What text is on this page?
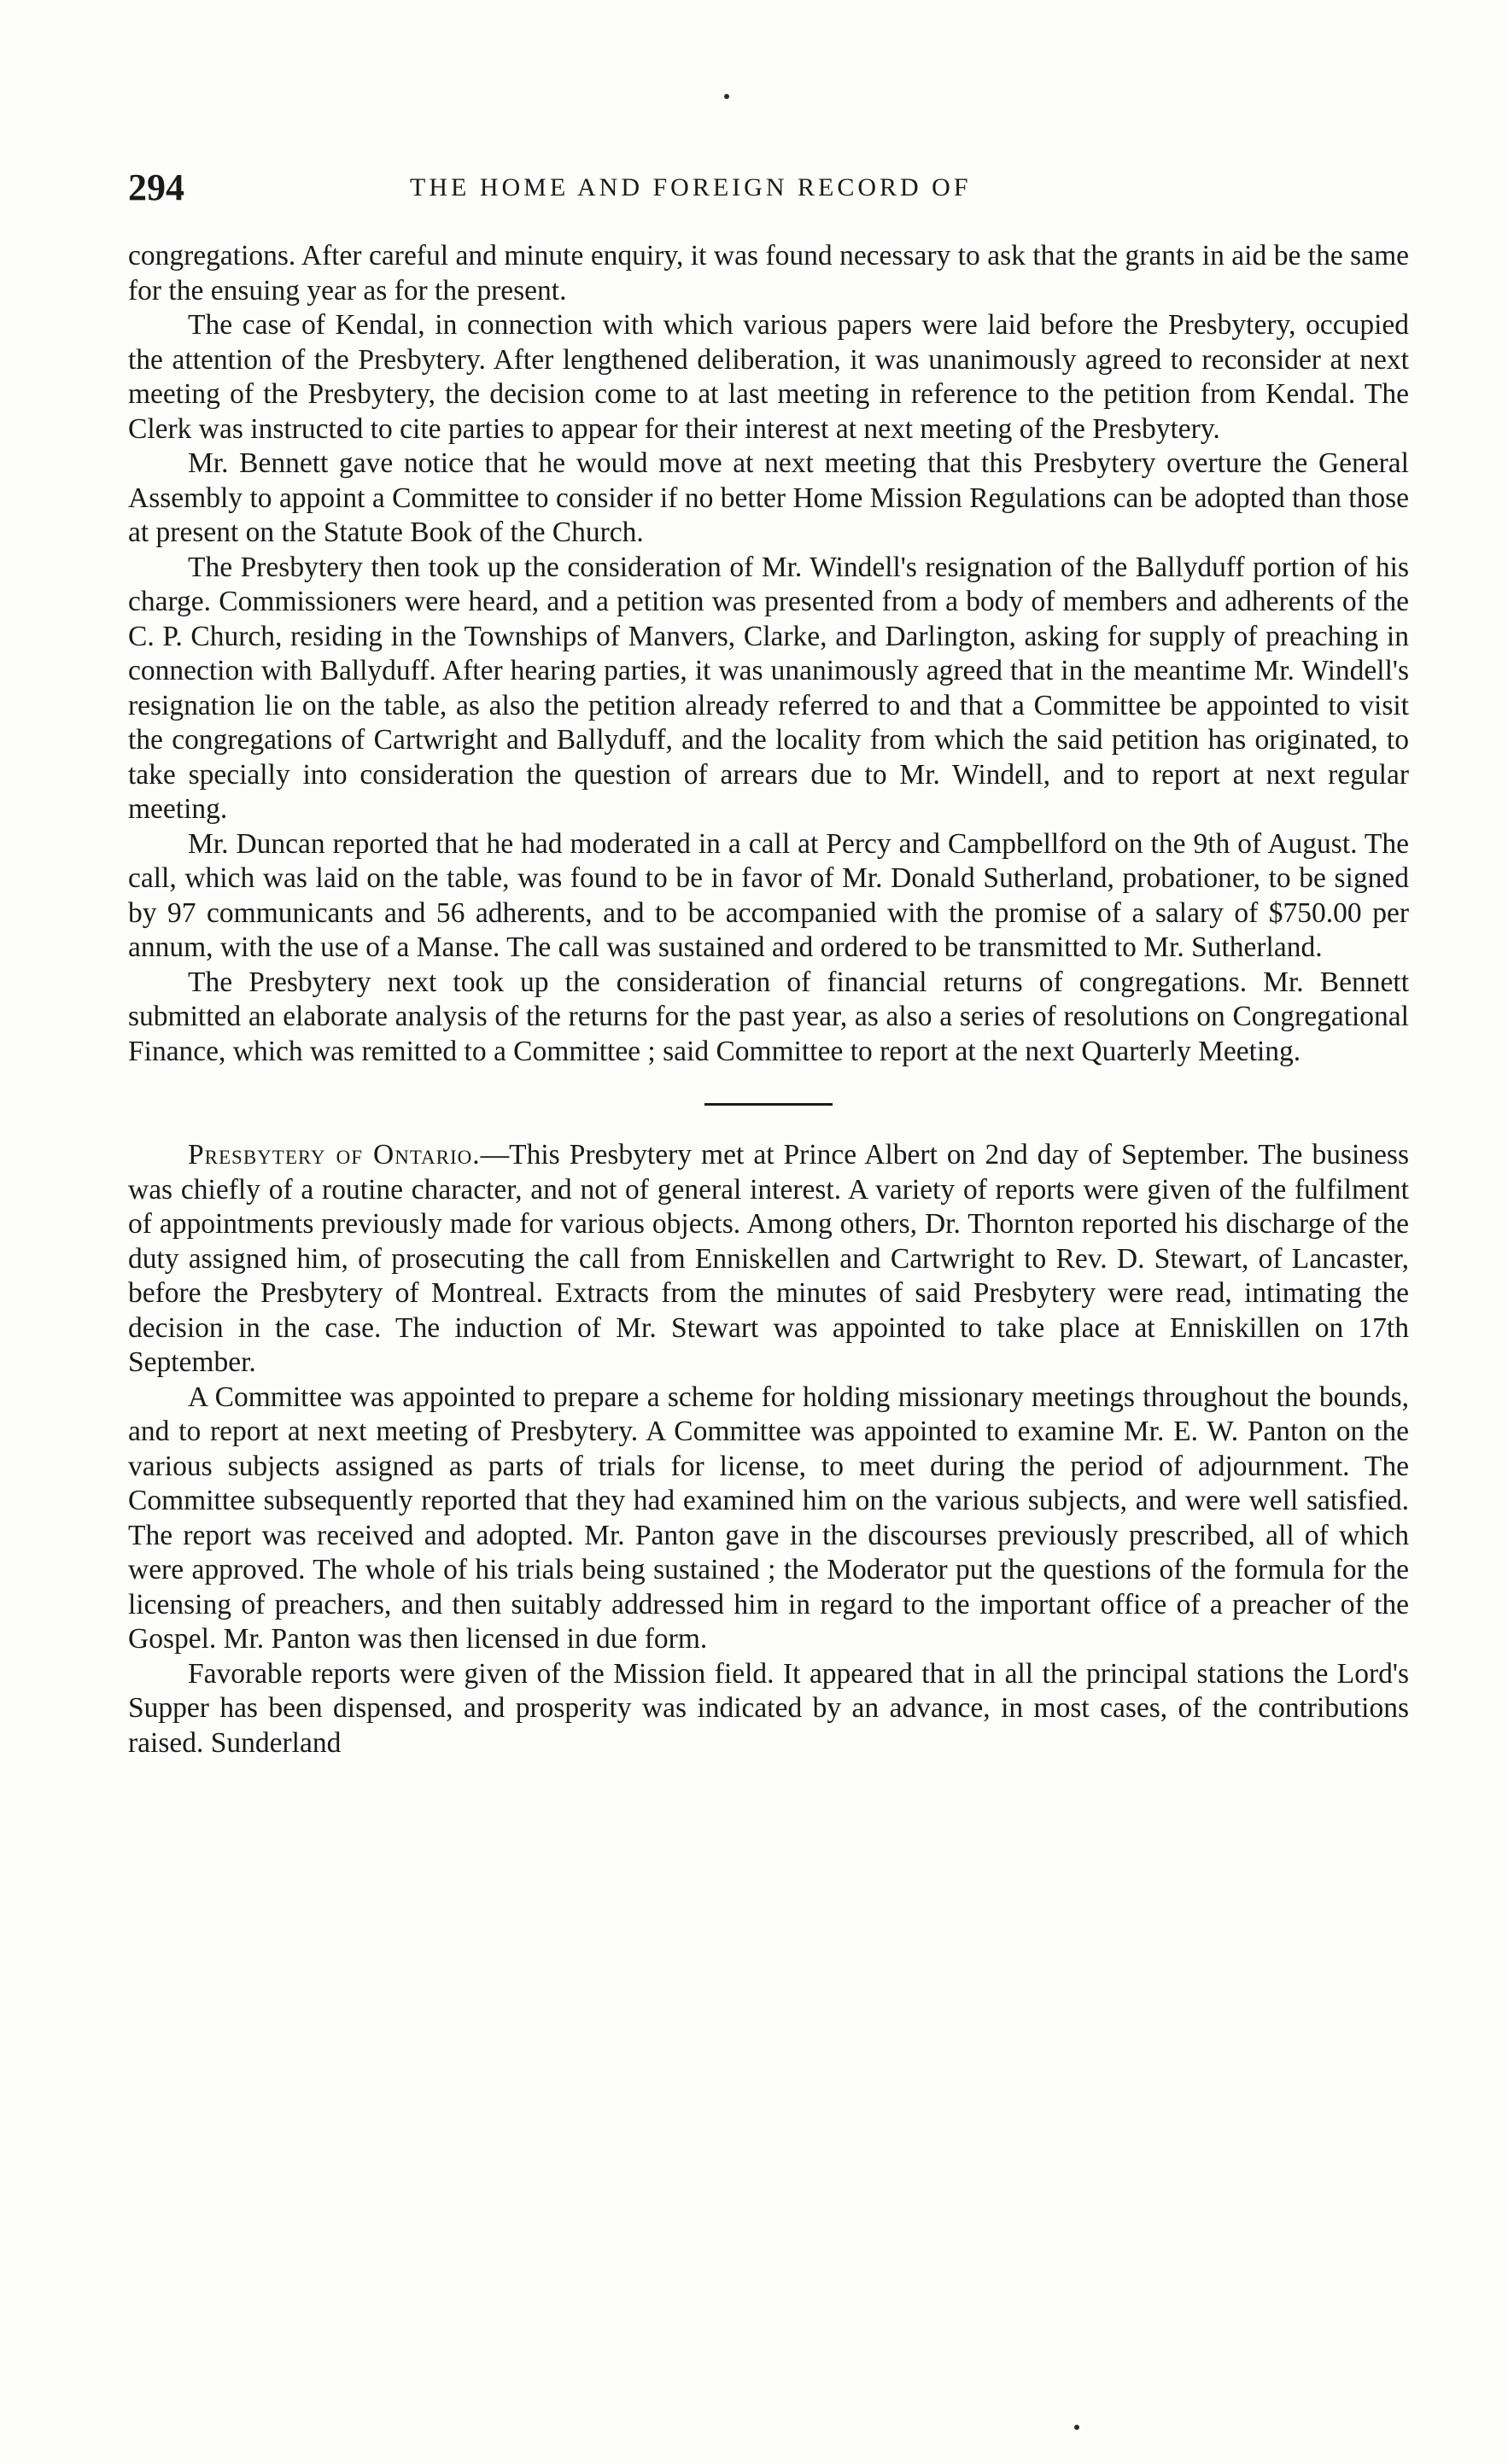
294	THE HOME AND FOREIGN RECORD OF

congregations. After careful and minute enquiry, it was found necessary to ask that the grants in aid be the same for the ensuing year as for the present.

The case of Kendal, in connection with which various papers were laid before the Presbytery, occupied the attention of the Presbytery. After lengthened deliberation, it was unanimously agreed to reconsider at next meeting of the Presbytery, the decision come to at last meeting in reference to the petition from Kendal. The Clerk was instructed to cite parties to appear for their interest at next meeting of the Presbytery.

Mr. Bennett gave notice that he would move at next meeting that this Presbytery overture the General Assembly to appoint a Committee to consider if no better Home Mission Regulations can be adopted than those at present on the Statute Book of the Church.

The Presbytery then took up the consideration of Mr. Windell's resignation of the Ballyduff portion of his charge. Commissioners were heard, and a petition was presented from a body of members and adherents of the C. P. Church, residing in the Townships of Manvers, Clarke, and Darlington, asking for supply of preaching in connection with Ballyduff. After hearing parties, it was unanimously agreed that in the meantime Mr. Windell's resignation lie on the table, as also the petition already referred to and that a Committee be appointed to visit the congregations of Cartwright and Ballyduff, and the locality from which the said petition has originated, to take specially into consideration the question of arrears due to Mr. Windell, and to report at next regular meeting.

Mr. Duncan reported that he had moderated in a call at Percy and Campbellford on the 9th of August. The call, which was laid on the table, was found to be in favor of Mr. Donald Sutherland, probationer, to be signed by 97 communicants and 56 adherents, and to be accompanied with the promise of a salary of $750.00 per annum, with the use of a Manse. The call was sustained and ordered to be transmitted to Mr. Sutherland.

The Presbytery next took up the consideration of financial returns of congregations. Mr. Bennett submitted an elaborate analysis of the returns for the past year, as also a series of resolutions on Congregational Finance, which was remitted to a Committee ; said Committee to report at the next Quarterly Meeting.

Presbytery of Ontario.—This Presbytery met at Prince Albert on 2nd day of September. The business was chiefly of a routine character, and not of general interest. A variety of reports were given of the fulfilment of appointments previously made for various objects. Among others, Dr. Thornton reported his discharge of the duty assigned him, of prosecuting the call from Enniskellen and Cartwright to Rev. D. Stewart, of Lancaster, before the Presbytery of Montreal. Extracts from the minutes of said Presbytery were read, intimating the decision in the case. The induction of Mr. Stewart was appointed to take place at Enniskillen on 17th September.

A Committee was appointed to prepare a scheme for holding missionary meetings throughout the bounds, and to report at next meeting of Presbytery. A Committee was appointed to examine Mr. E. W. Panton on the various subjects assigned as parts of trials for license, to meet during the period of adjournment. The Committee subsequently reported that they had examined him on the various subjects, and were well satisfied. The report was received and adopted. Mr. Panton gave in the discourses previously prescribed, all of which were approved. The whole of his trials being sustained ; the Moderator put the questions of the formula for the licensing of preachers, and then suitably addressed him in regard to the important office of a preacher of the Gospel. Mr. Panton was then licensed in due form.

Favorable reports were given of the Mission field. It appeared that in all the principal stations the Lord's Supper has been dispensed, and prosperity was indicated by an advance, in most cases, of the contributions raised. Sunderland
